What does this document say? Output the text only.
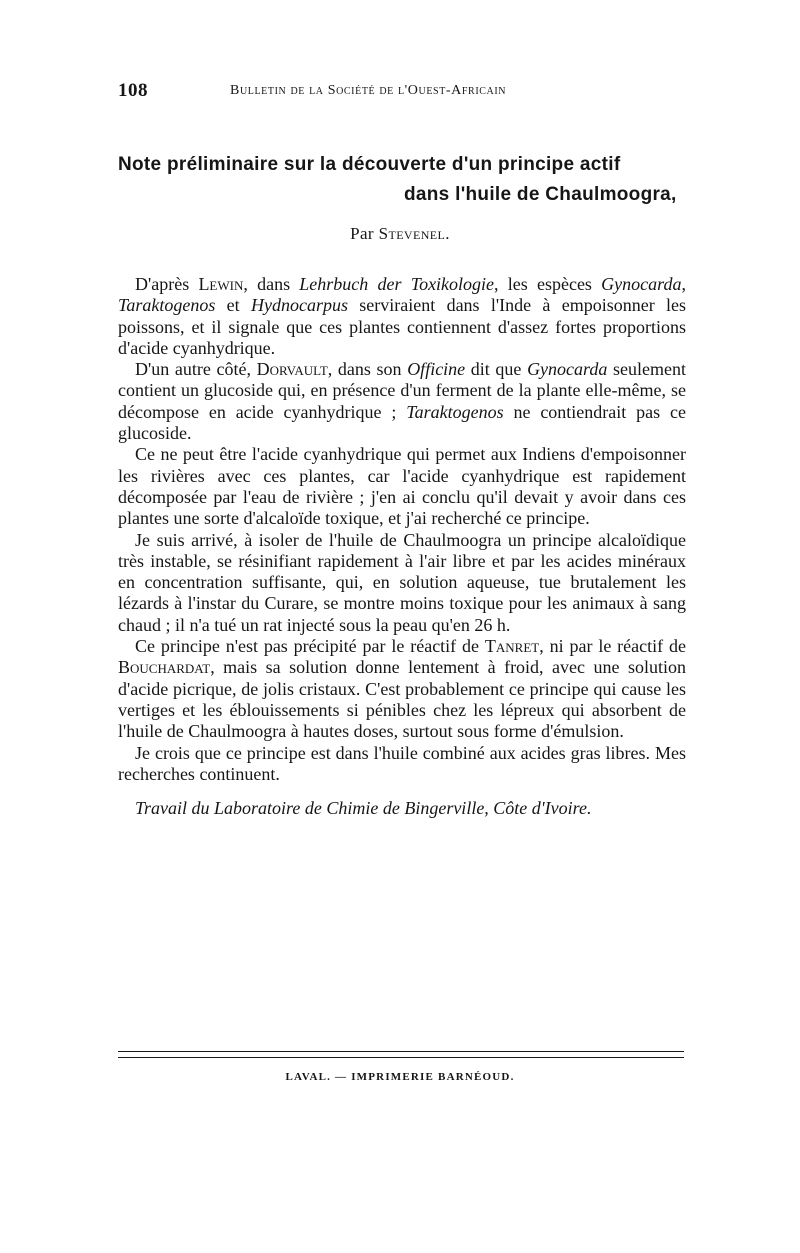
108	Bulletin de la Société de l'Ouest-Africain
Note préliminaire sur la découverte d'un principe actif
dans l'huile de Chaulmoogra,
Par Stevenel.

D'après Lewin, dans Lehrbuch der Toxikologie, les espèces Gynocarda, Taraktogenos et Hydnocarpus serviraient dans l'Inde à empoisonner les poissons, et il signale que ces plantes contiennent d'assez fortes proportions d'acide cyanhydrique.

D'un autre côté, Dorvault, dans son Officine dit que Gynocarda seulement contient un glucoside qui, en présence d'un ferment de la plante elle-même, se décompose en acide cyanhydrique ; Taraktogenos ne contiendrait pas ce glucoside.

Ce ne peut être l'acide cyanhydrique qui permet aux Indiens d'empoisonner les rivières avec ces plantes, car l'acide cyanhydrique est rapidement décomposée par l'eau de rivière ; j'en ai conclu qu'il devait y avoir dans ces plantes une sorte d'alcaloïde toxique, et j'ai recherché ce principe.

Je suis arrivé, à isoler de l'huile de Chaulmoogra un principe alcaloïdique très instable, se résinifiant rapidement à l'air libre et par les acides minéraux en concentration suffisante, qui, en solution aqueuse, tue brutalement les lézards à l'instar du Curare, se montre moins toxique pour les animaux à sang chaud ; il n'a tué un rat injecté sous la peau qu'en 26 h.

Ce principe n'est pas précipité par le réactif de Tanret, ni par le réactif de Bouchardat, mais sa solution donne lentement à froid, avec une solution d'acide picrique, de jolis cristaux. C'est probablement ce principe qui cause les vertiges et les éblouissements si pénibles chez les lépreux qui absorbent de l'huile de Chaulmoogra à hautes doses, surtout sous forme d'émulsion.

Je crois que ce principe est dans l'huile combiné aux acides gras libres. Mes recherches continuent.

Travail du Laboratoire de Chimie de Bingerville, Côte d'Ivoire.

LAVAL. — IMPRIMERIE BARNÉOUD.
